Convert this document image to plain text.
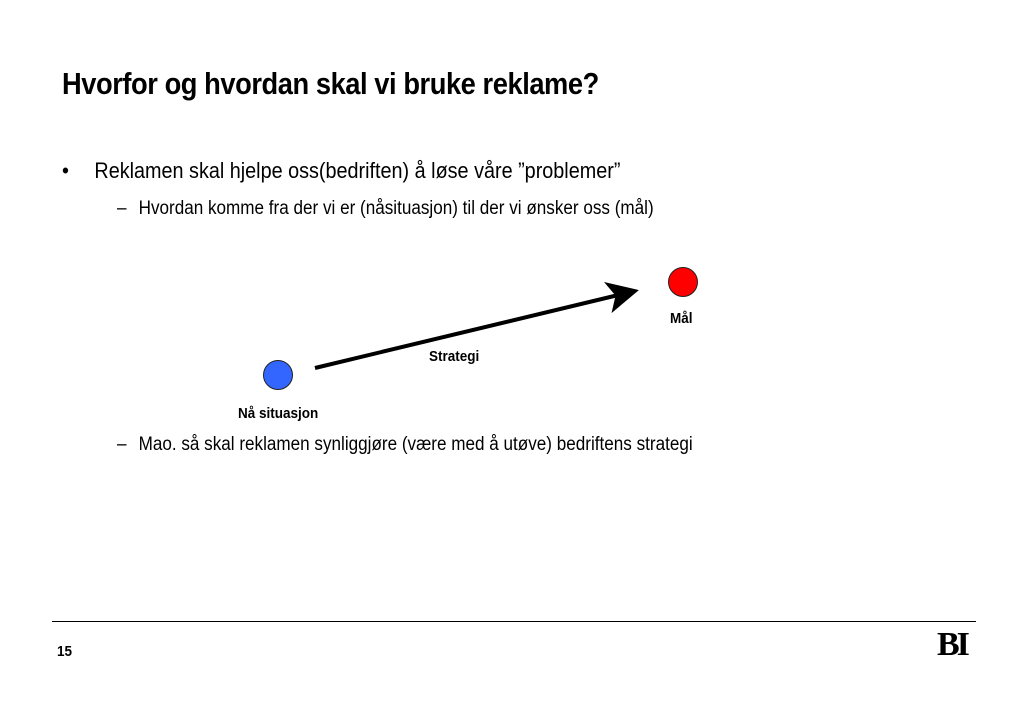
Hvorfor og hvordan skal vi bruke reklame?
• Reklamen skal hjelpe oss(bedriften) å løse våre ”problemer”
– Hvordan komme fra der vi er (nåsituasjon) til der vi ønsker oss (mål)
Mål
Strategi
Nå situasjon
– Mao. så skal reklamen synliggjøre (være med å utøve) bedriftens strategi
15	BI
